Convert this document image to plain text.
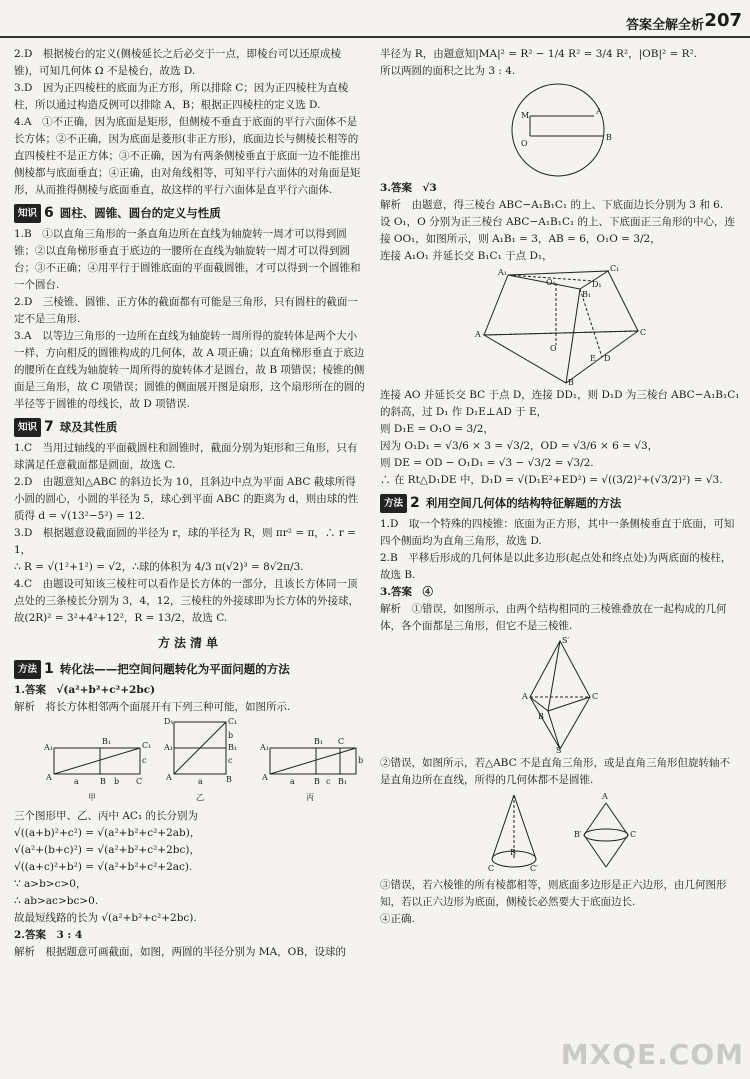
答案全解全析 207

2.D　根据棱台的定义(侧棱延长之后必交于一点，即棱台可以还原成棱锥)，可知几何体 Ω 不是棱台，故选 D.

3.D　因为正四棱柱的底面为正方形，所以排除 C；因为正四棱柱为直棱柱，所以通过构造反例可以排除 A，B；根据正四棱柱的定义选 D.

4.A　①不正确，因为底面是矩形，但侧棱不垂直于底面的平行六面体不是长方体；②不正确，因为底面是菱形(非正方形)，底面边长与侧棱长相等的直四棱柱不是正方体；③不正确，因为有两条侧棱垂直于底面一边不能推出侧棱都与底面垂直；④正确，由对角线相等，可知平行六面体的对角面是矩形，从而推得侧棱与底面垂直，故这样的平行六面体是直平行六面体.

知识 6 圆柱、圆锥、圆台的定义与性质

1.B　①以直角三角形的一条直角边所在直线为轴旋转一周才可以得到圆锥；②以直角梯形垂直于底边的一腰所在直线为轴旋转一周才可以得到圆台；③不正确；④用平行于圆锥底面的平面截圆锥，才可以得到一个圆锥和一个圆台.

2.D　三棱锥、圆锥、正方体的截面都有可能是三角形，只有圆柱的截面一定不是三角形.

3.A　以等边三角形的一边所在直线为轴旋转一周所得的旋转体是两个大小一样、方向相反的圆锥构成的几何体，故 A 项正确；以直角梯形垂直于底边的腰所在直线为轴旋转一周所得的旋转体才是圆台，故 B 项错误；棱锥的侧面是三角形，故 C 项错误；圆锥的侧面展开图是扇形，这个扇形所在的圆的半径等于圆锥的母线长，故 D 项错误.

知识 7 球及其性质

1.C　当用过轴线的平面截圆柱和圆锥时，截面分别为矩形和三角形，只有球满足任意截面都是圆面，故选 C.

2.D　由题意知△ABC 的斜边长为 10，且斜边中点为平面 ABC 截球所得小圆的圆心，小圆的半径为 5，球心到平面 ABC 的距离为 d，则由球的性质得 d = √(13²−5²) = 12.

3.D　根据题意设截面圆的半径为 r，球的半径为 R，则 πr² = π，∴ r = 1，

∴ R = √(1²+1²) = √2，∴球的体积为 4/3 π(√2)³ = 8√2π/3.

4.C　由题设可知该三棱柱可以看作是长方体的一部分，且该长方体同一顶点处的三条棱长分别为 3，4，12，三棱柱的外接球即为长方体的外接球，故(2R)² = 3²+4²+12²，R = 13/2，故选 C.

方法清单
方法 1 转化法——把空间问题转化为平面问题的方法

1.答案　√(a²+b²+c²+2bc)

解析　将长方体相邻两个面展开有下列三种可能，如图所示.

A₁
B₁	C₁
A	a	B b C
c
甲
D₁	C₁
b
A₁	B₁
c
A	a	B
乙
A₁
B₁ C
A	a B c B₁
b
丙

三个图形甲、乙、丙中 AC₁ 的长分别为

√((a+b)²+c²) = √(a²+b²+c²+2ab)，

√(a²+(b+c)²) = √(a²+b²+c²+2bc)，

√((a+c)²+b²) = √(a²+b²+c²+2ac).

∵ a>b>c>0，

∴ ab>ac>bc>0.

故最短线路的长为 √(a²+b²+c²+2bc).

2.答案　3 : 4

解析　根据题意可画截面，如图，两圆的半径分别为 MA，OB，设球的

半径为 R，由题意知|MA|² = R² − 1/4 R² = 3/4 R²，|OB|² = R².

所以两圆的面积之比为 3 : 4.

M	A
O
B

3.答案　√3

解析　由题意，得三棱台 ABC−A₁B₁C₁ 的上、下底面边长分别为 3 和 6.

设 O₁，O 分别为正三棱台 ABC−A₁B₁C₁ 的上、下底面正三角形的中心，连接 OO₁，如图所示，则 A₁B₁ = 3，AB = 6，O₁O = 3/2，

连接 A₁O₁ 并延长交 B₁C₁ 于点 D₁，

A₁	C₁
B₁
A	C
B
O₁	D₁
O
E D

连接 AO 并延长交 BC 于点 D，连接 DD₁，则 D₁D 为三棱台 ABC−A₁B₁C₁ 的斜高，过 D₁ 作 D₁E⊥AD 于 E，

则 D₁E = O₁O = 3/2，

因为 O₁D₁ = √3/6 × 3 = √3/2，OD = √3/6 × 6 = √3，

则 DE = OD − O₁D₁ = √3 − √3/2 = √3/2.

∴ 在 Rt△D₁DE 中，D₁D = √(D₁E²+ED²) = √((3/2)²+(√3/2)²) = √3.

方法 2 利用空间几何体的结构特征解题的方法

1.D　取一个特殊的四棱锥：底面为正方形，其中一条侧棱垂直于底面，可知四个侧面均为直角三角形，故选 D.

2.B　平移后形成的几何体是以此多边形(起点处和终点处)为两底面的棱柱，故选 B.

3.答案　④

解析　①错误，如图所示，由两个结构相同的三棱锥叠放在一起构成的几何体，各个面都是三角形，但它不是三棱锥.

S′
A	C
B
S

②错误，如图所示，若△ABC 不是直角三角形，或是直角三角形但旋转轴不是直角边所在直线，所得的几何体都不是圆锥.

C	C′
B
A
B′	C

③错误，若六棱锥的所有棱都相等，则底面多边形是正六边形，由几何图形知，若以正六边形为底面，侧棱长必然要大于底面边长.

④正确.

MXQE.COM
